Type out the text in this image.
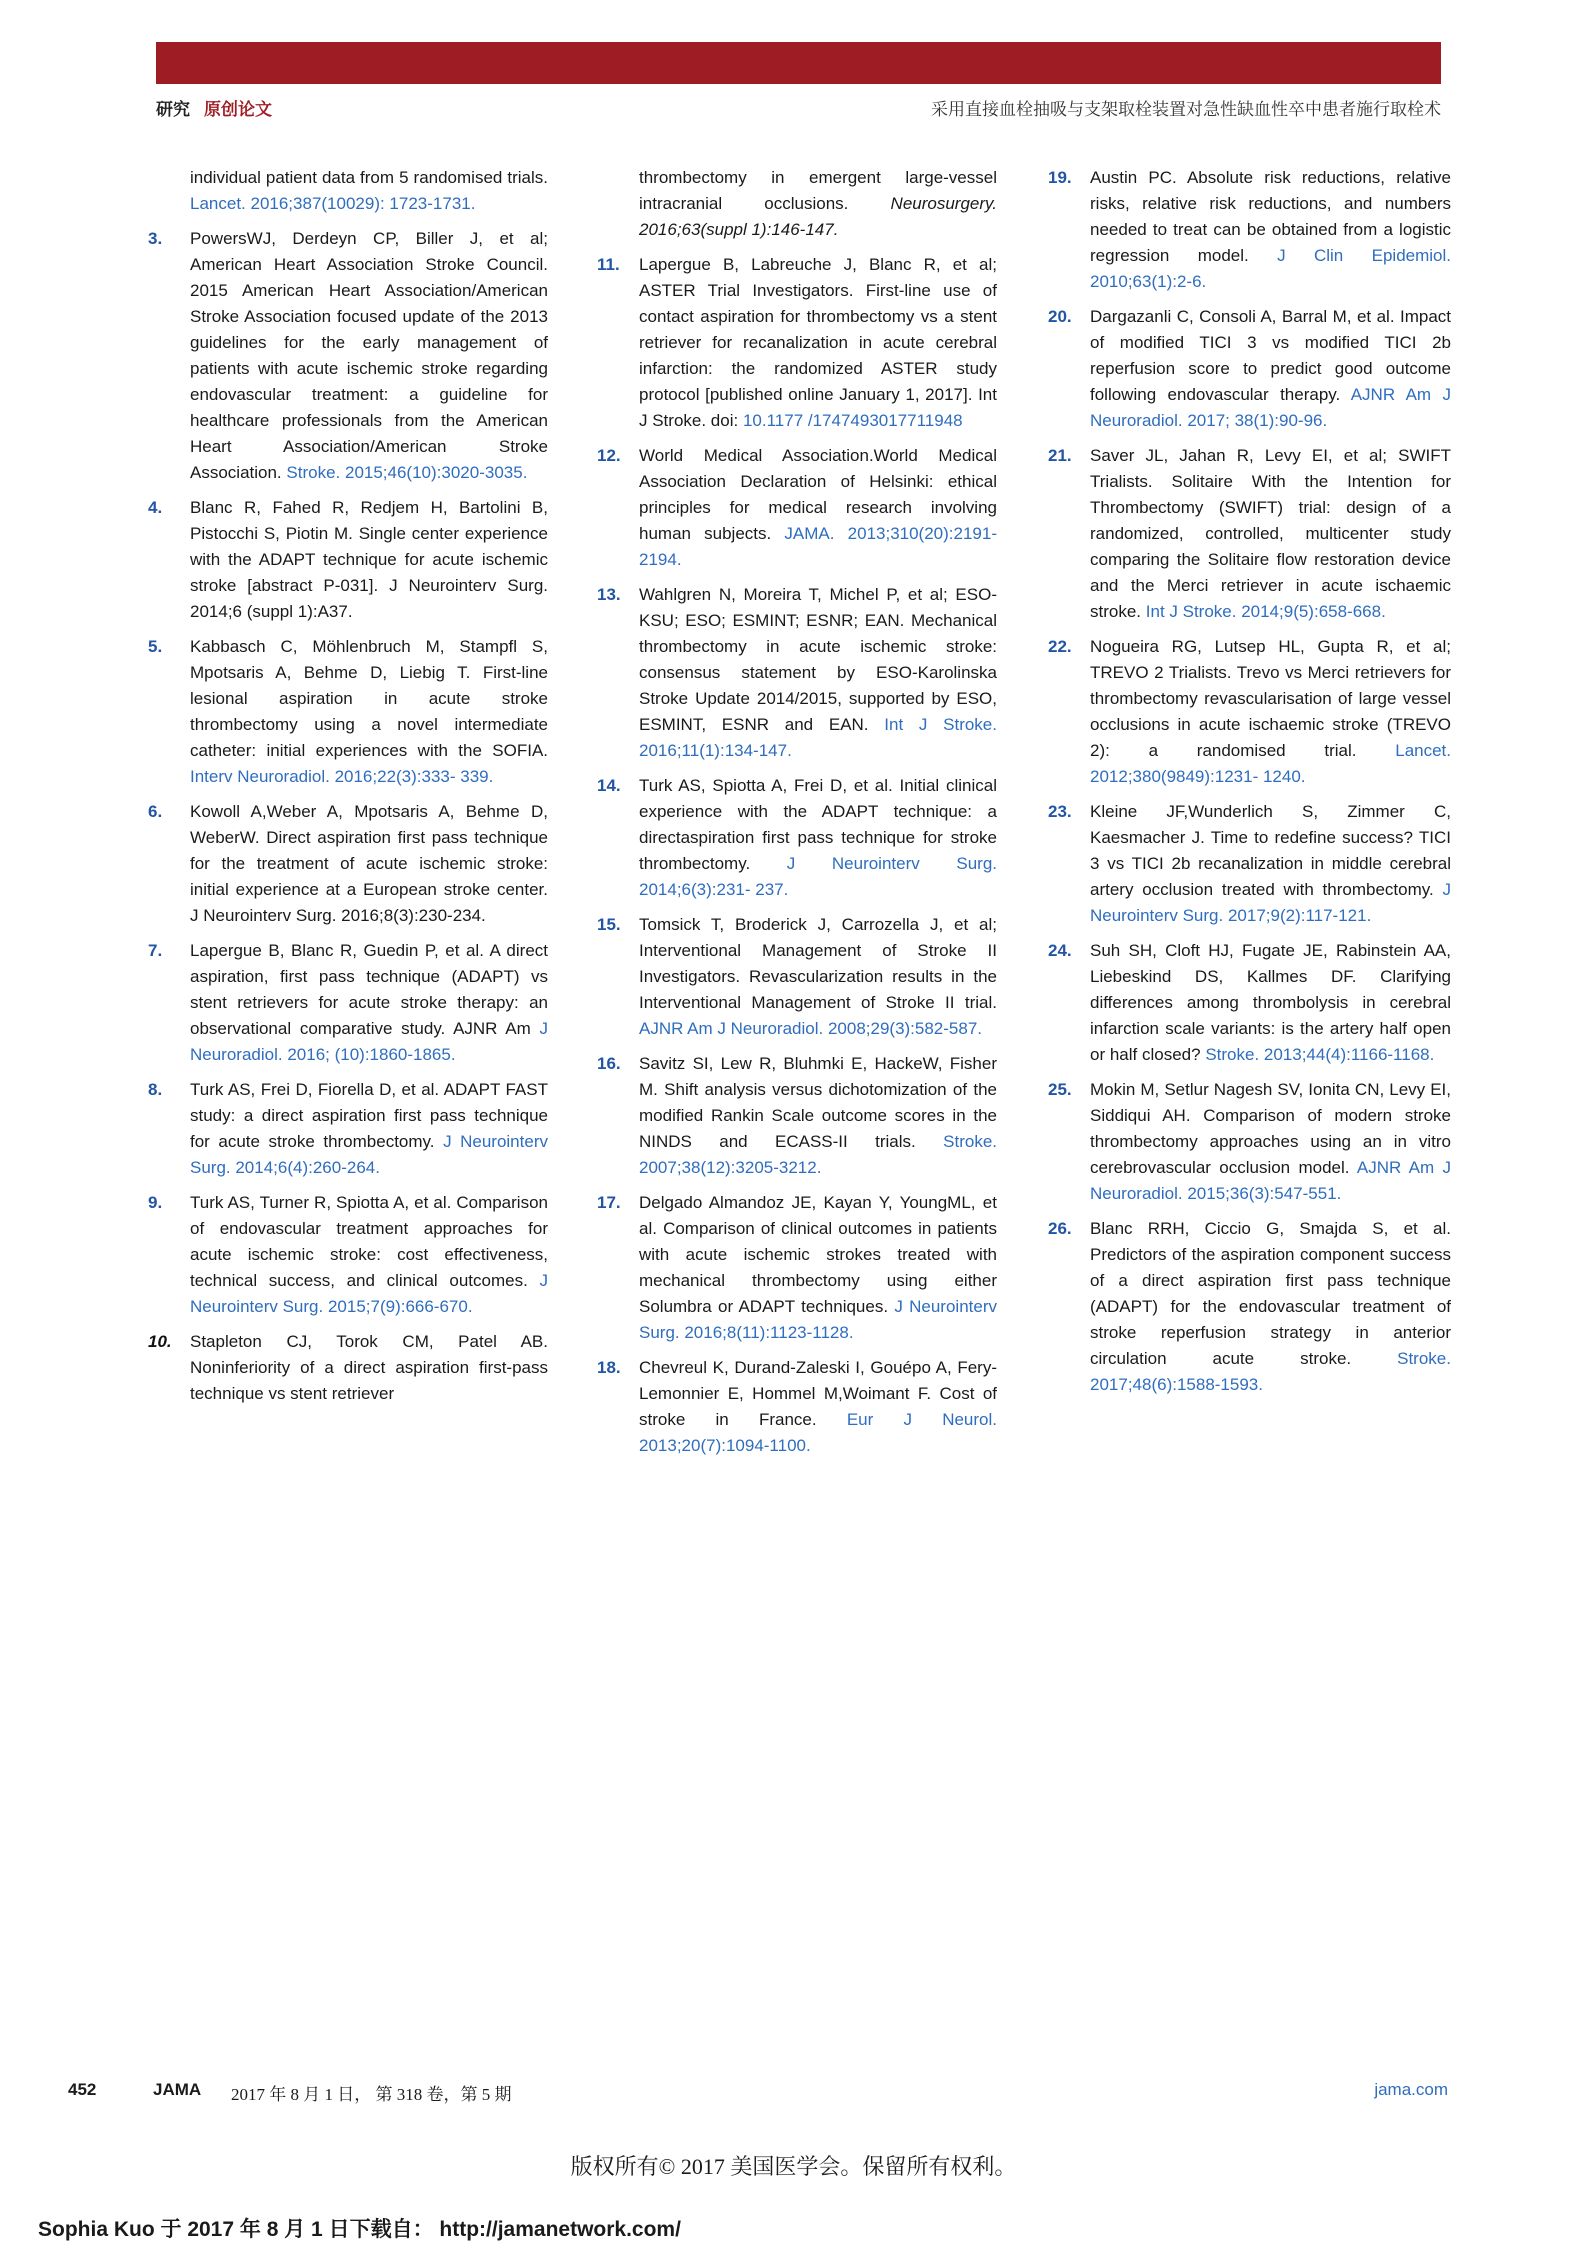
研究 原创论文	采用直接血栓抽吸与支架取栓装置对急性缺血性卒中患者施行取栓术
individual patient data from 5 randomised trials. Lancet. 2016;387(10029): 1723-1731.
3.	PowersWJ, Derdeyn CP, Biller J, et al; American Heart Association Stroke Council. 2015 American Heart Association/American Stroke Association focused update of the 2013 guidelines for the early management of patients with acute ischemic stroke regarding endovascular treatment: a guideline for healthcare professionals from the American Heart Association/American Stroke Association. Stroke. 2015;46(10):3020-3035.
4.	Blanc R, Fahed R, Redjem H, Bartolini B, Pistocchi S, Piotin M. Single center experience with the ADAPT technique for acute ischemic stroke [abstract P-031]. J Neurointerv Surg. 2014;6 (suppl 1):A37.
5.	Kabbasch C, Möhlenbruch M, Stampfl S, Mpotsaris A, Behme D, Liebig T. First-line lesional aspiration in acute stroke thrombectomy using a novel intermediate catheter: initial experiences with the SOFIA. Interv Neuroradiol. 2016;22(3):333- 339.
6.	Kowoll A,Weber A, Mpotsaris A, Behme D, WeberW. Direct aspiration first pass technique for the treatment of acute ischemic stroke: initial experience at a European stroke center. J Neurointerv Surg. 2016;8(3):230-234.
7.	Lapergue B, Blanc R, Guedin P, et al. A direct aspiration, first pass technique (ADAPT) vs stent retrievers for acute stroke therapy: an observational comparative study. AJNR Am J Neuroradiol. 2016; (10):1860-1865.
8.	Turk AS, Frei D, Fiorella D, et al. ADAPT FAST study: a direct aspiration first pass technique for acute stroke thrombectomy. J Neurointerv Surg. 2014;6(4):260-264.
9.	Turk AS, Turner R, Spiotta A, et al. Comparison of endovascular treatment approaches for acute ischemic stroke: cost effectiveness, technical success, and clinical outcomes. J Neurointerv Surg. 2015;7(9):666-670.
10.	Stapleton CJ, Torok CM, Patel AB. Noninferiority of a direct aspiration first-pass technique vs stent retriever
thrombectomy in emergent large-vessel intracranial occlusions. Neurosurgery. 2016;63(suppl 1):146-147.
11.	Lapergue B, Labreuche J, Blanc R, et al; ASTER Trial Investigators. First-line use of contact aspiration for thrombectomy vs a stent retriever for recanalization in acute cerebral infarction: the randomized ASTER study protocol [published online January 1, 2017]. Int J Stroke. doi: 10.1177 /1747493017711948
12.	World Medical Association.World Medical Association Declaration of Helsinki: ethical principles for medical research involving human subjects. JAMA. 2013;310(20):2191-2194.
13.	Wahlgren N, Moreira T, Michel P, et al; ESO-KSU; ESO; ESMINT; ESNR; EAN. Mechanical thrombectomy in acute ischemic stroke: consensus statement by ESO-Karolinska Stroke Update 2014/2015, supported by ESO, ESMINT, ESNR and EAN. Int J Stroke. 2016;11(1):134-147.
14.	Turk AS, Spiotta A, Frei D, et al. Initial clinical experience with the ADAPT technique: a directaspiration first pass technique for stroke thrombectomy. J Neurointerv Surg. 2014;6(3):231- 237.
15.	Tomsick T, Broderick J, Carrozella J, et al; Interventional Management of Stroke II Investigators. Revascularization results in the Interventional Management of Stroke II trial. AJNR Am J Neuroradiol. 2008;29(3):582-587.
16.	Savitz SI, Lew R, Bluhmki E, HackeW, Fisher M. Shift analysis versus dichotomization of the modified Rankin Scale outcome scores in the NINDS and ECASS-II trials. Stroke. 2007;38(12):3205-3212.
17.	Delgado Almandoz JE, Kayan Y, YoungML, et al. Comparison of clinical outcomes in patients with acute ischemic strokes treated with mechanical thrombectomy using either Solumbra or ADAPT techniques. J Neurointerv Surg. 2016;8(11):1123-1128.
18.	Chevreul K, Durand-Zaleski I, Gouépo A, Fery-Lemonnier E, Hommel M,Woimant F. Cost of stroke in France. Eur J Neurol. 2013;20(7):1094-1100.
19.	Austin PC. Absolute risk reductions, relative risks, relative risk reductions, and numbers needed to treat can be obtained from a logistic regression model. J Clin Epidemiol. 2010;63(1):2-6.
20.	Dargazanli C, Consoli A, Barral M, et al. Impact of modified TICI 3 vs modified TICI 2b reperfusion score to predict good outcome following endovascular therapy. AJNR Am J Neuroradiol. 2017; 38(1):90-96.
21.	Saver JL, Jahan R, Levy EI, et al; SWIFT Trialists. Solitaire With the Intention for Thrombectomy (SWIFT) trial: design of a randomized, controlled, multicenter study comparing the Solitaire flow restoration device and the Merci retriever in acute ischaemic stroke. Int J Stroke. 2014;9(5):658-668.
22.	Nogueira RG, Lutsep HL, Gupta R, et al; TREVO 2 Trialists. Trevo vs Merci retrievers for thrombectomy revascularisation of large vessel occlusions in acute ischaemic stroke (TREVO 2): a randomised trial. Lancet. 2012;380(9849):1231- 1240.
23.	Kleine JF,Wunderlich S, Zimmer C, Kaesmacher J. Time to redefine success? TICI 3 vs TICI 2b recanalization in middle cerebral artery occlusion treated with thrombectomy. J Neurointerv Surg. 2017;9(2):117-121.
24.	Suh SH, Cloft HJ, Fugate JE, Rabinstein AA, Liebeskind DS, Kallmes DF. Clarifying differences among thrombolysis in cerebral infarction scale variants: is the artery half open or half closed? Stroke. 2013;44(4):1166-1168.
25.	Mokin M, Setlur Nagesh SV, Ionita CN, Levy EI, Siddiqui AH. Comparison of modern stroke thrombectomy approaches using an in vitro cerebrovascular occlusion model. AJNR Am J Neuroradiol. 2015;36(3):547-551.
26.	Blanc RRH, Ciccio G, Smajda S, et al. Predictors of the aspiration component success of a direct aspiration first pass technique (ADAPT) for the endovascular treatment of stroke reperfusion strategy in anterior circulation acute stroke.	Stroke. 2017;48(6):1588-1593.
452	JAMA 2017 年 8 月 1 日， 第 318 卷，第 5 期	jama.com
版权所有© 2017 美国医学会。保留所有权利。
Sophia Kuo 于 2017 年 8 月 1 日下载自： http://jamanetwork.com/
